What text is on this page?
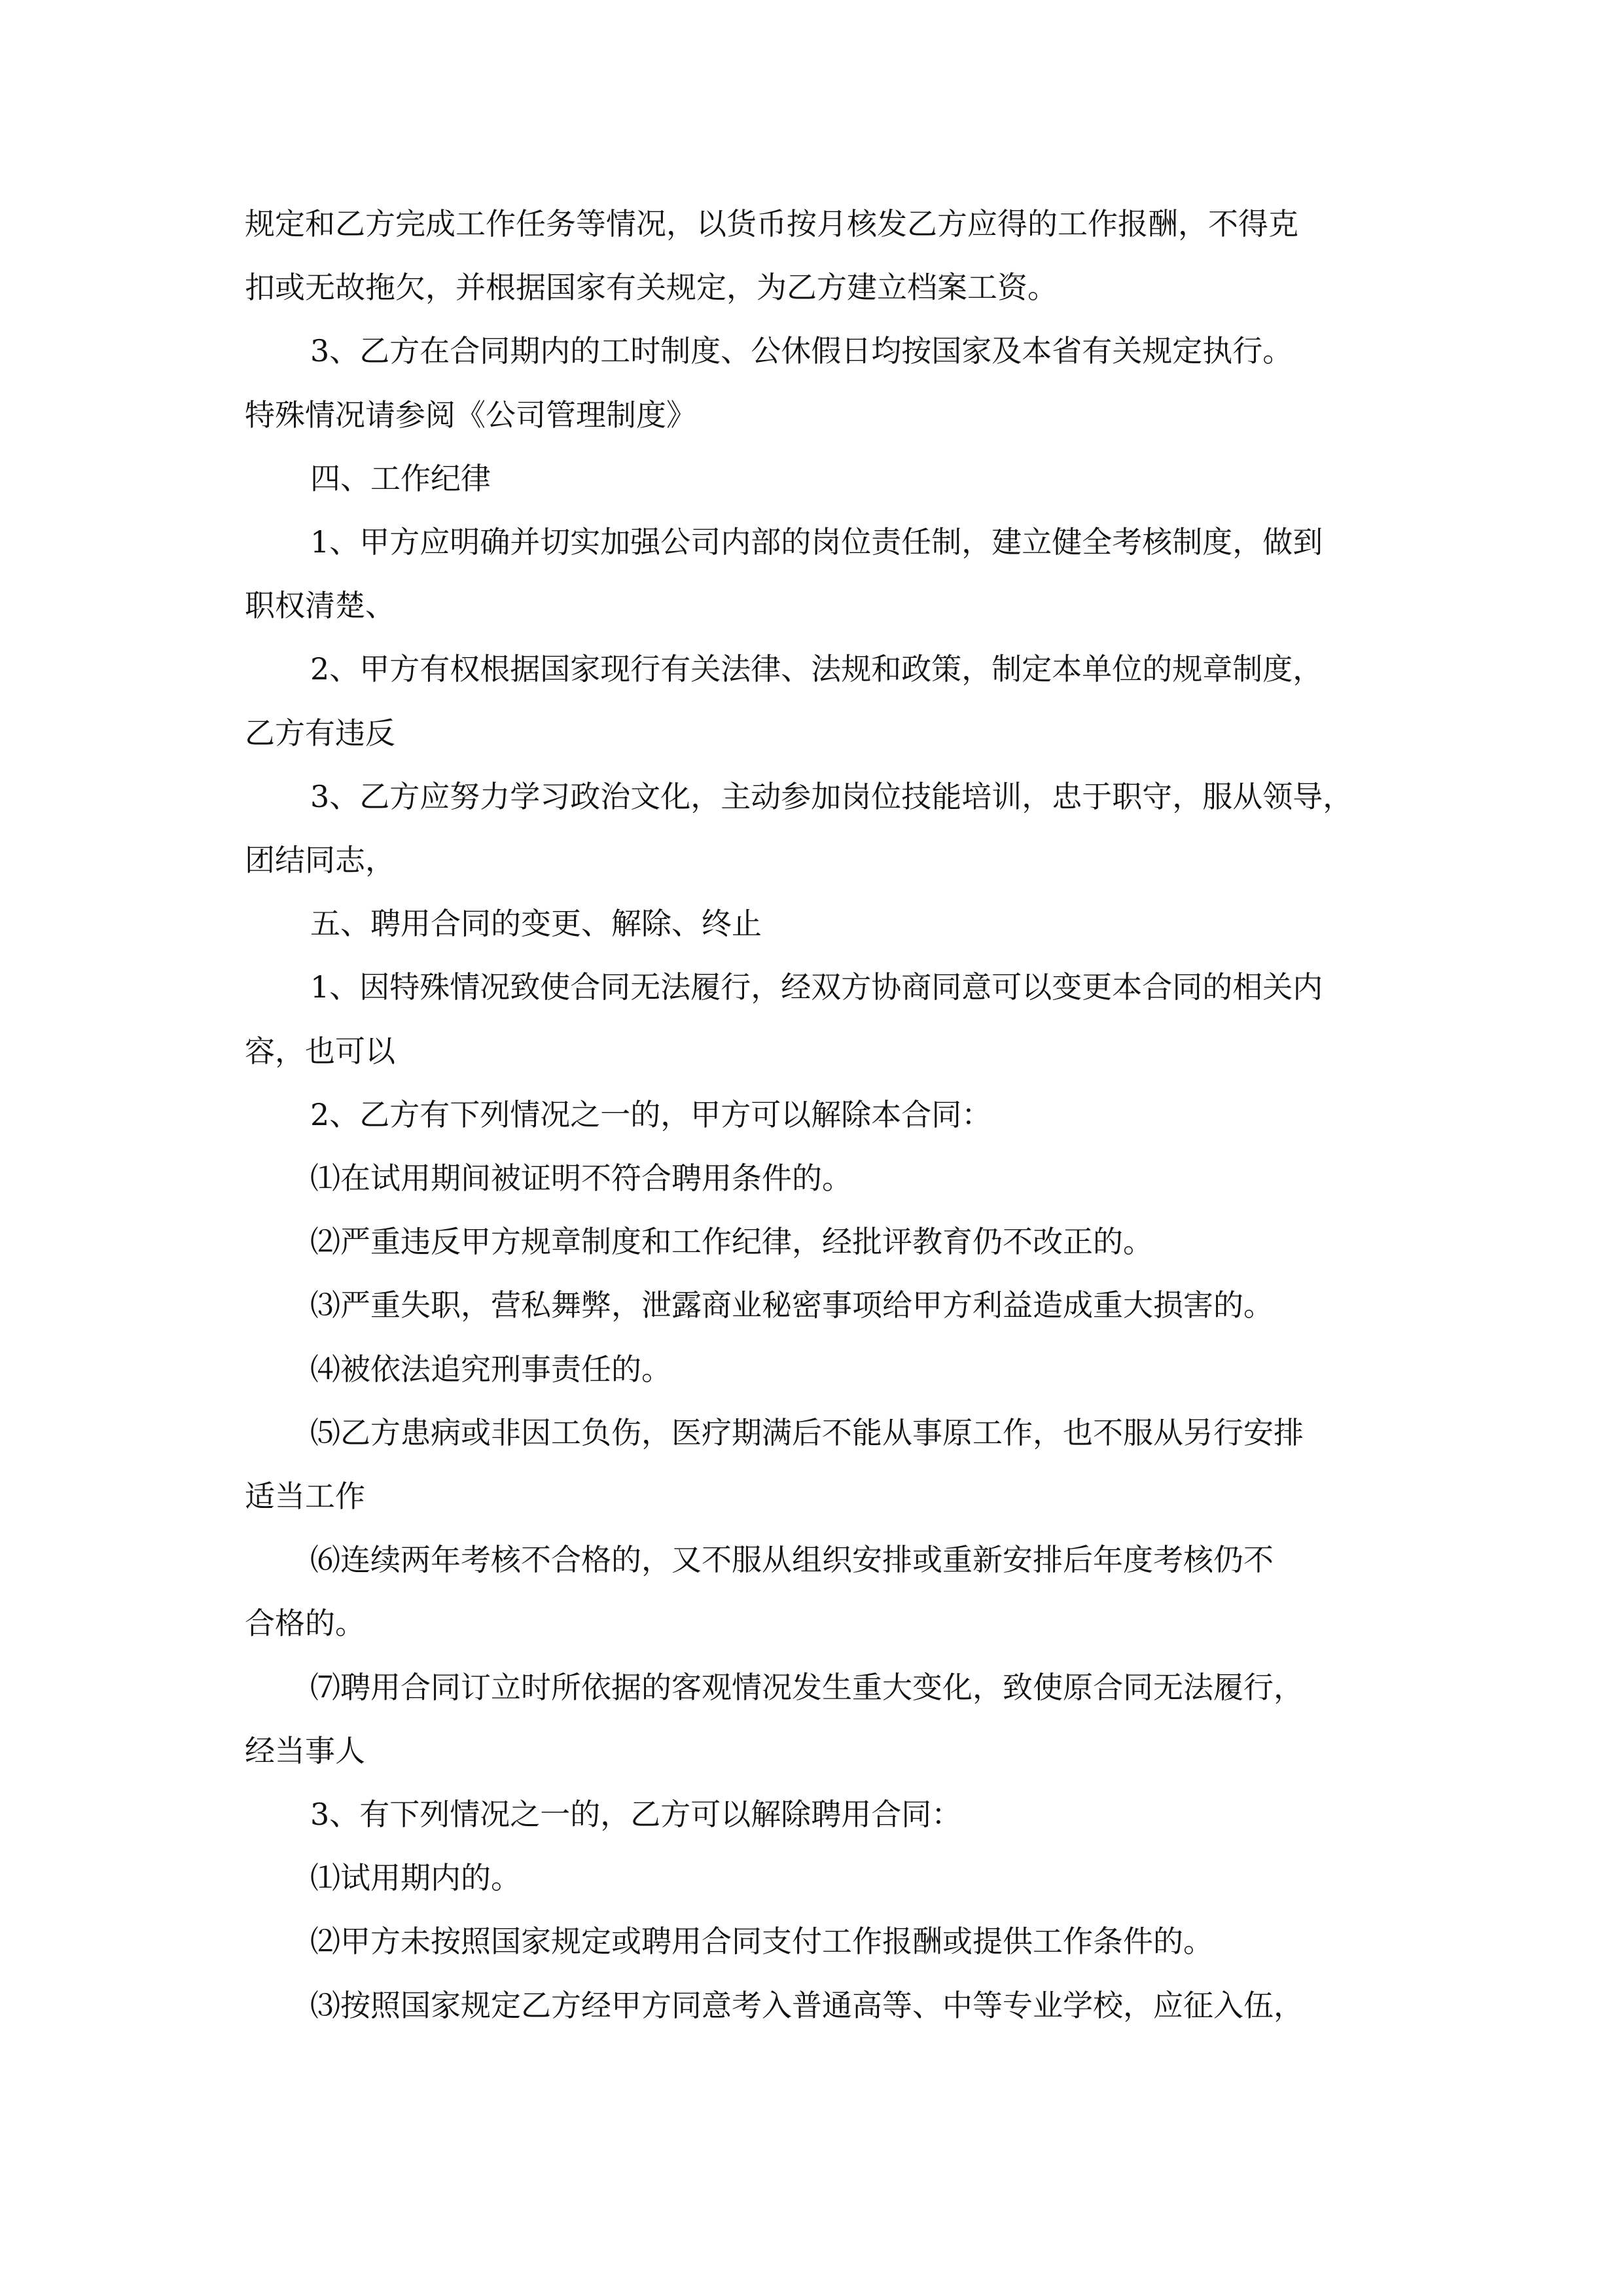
规定和乙方完成工作任务等情况，以货币按月核发乙方应得的工作报酬，不得克
扣或无故拖欠，并根据国家有关规定，为乙方建立档案工资。
3、乙方在合同期内的工时制度、公休假日均按国家及本省有关规定执行。
特殊情况请参阅《公司管理制度》
四、工作纪律
1、甲方应明确并切实加强公司内部的岗位责任制，建立健全考核制度，做到
职权清楚、
2、甲方有权根据国家现行有关法律、法规和政策，制定本单位的规章制度，
乙方有违反
3、乙方应努力学习政治文化，主动参加岗位技能培训，忠于职守，服从领导，
团结同志，
五、聘用合同的变更、解除、终止
1、因特殊情况致使合同无法履行，经双方协商同意可以变更本合同的相关内
容，也可以
2、乙方有下列情况之一的，甲方可以解除本合同：
⑴在试用期间被证明不符合聘用条件的。
⑵严重违反甲方规章制度和工作纪律，经批评教育仍不改正的。
⑶严重失职，营私舞弊，泄露商业秘密事项给甲方利益造成重大损害的。
⑷被依法追究刑事责任的。
⑸乙方患病或非因工负伤，医疗期满后不能从事原工作，也不服从另行安排
适当工作
⑹连续两年考核不合格的，又不服从组织安排或重新安排后年度考核仍不
合格的。
⑺聘用合同订立时所依据的客观情况发生重大变化，致使原合同无法履行，
经当事人
3、有下列情况之一的，乙方可以解除聘用合同：
⑴试用期内的。
⑵甲方未按照国家规定或聘用合同支付工作报酬或提供工作条件的。
⑶按照国家规定乙方经甲方同意考入普通高等、中等专业学校，应征入伍，
